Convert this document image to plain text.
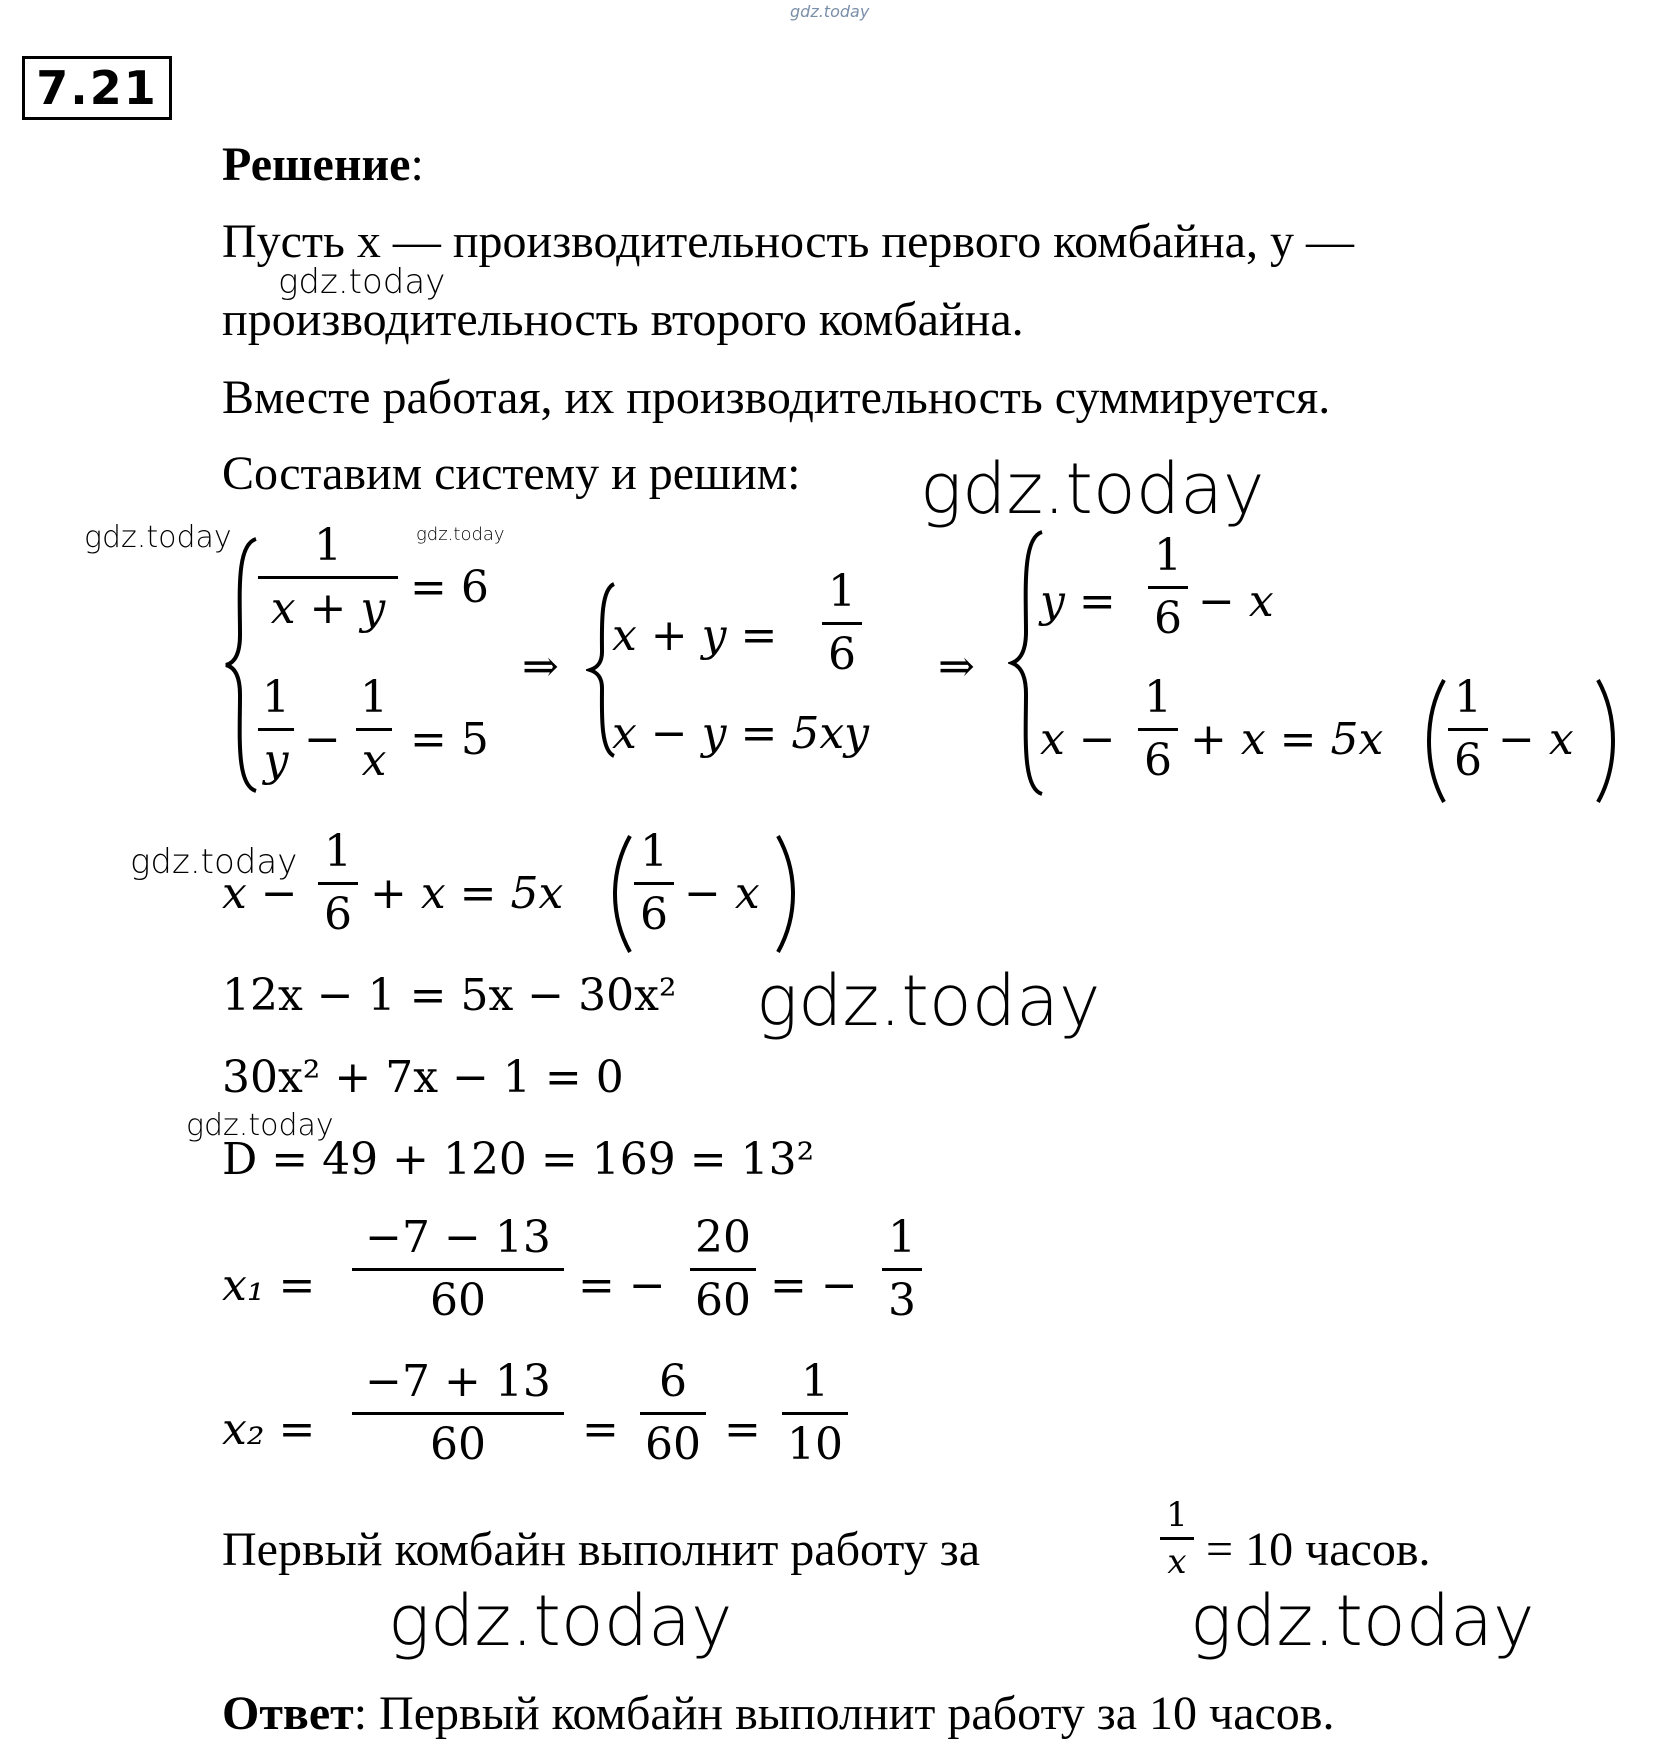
gdz.today
7.21
Решение:
Пусть х — производительность первого комбайна, у —
производительность второго комбайна.
Вместе работая, их производительность суммируется.
Составим систему и решим:
gdz.today
gdz.today
gdz.today	gdz.today
gdz.today
gdz.today
gdz.today
gdz.today	gdz.today
1
x + y = 6
1
y −
1
x = 5
⇒
x + y =
1
6
x − y = 5xy
⇒
y =
1
6 − x
x −
1
6 + x = 5x
1
6 − x
x −
1
6 + x = 5x
1
6 − x
12x − 1 = 5x − 30x²
30x² + 7x − 1 = 0
D = 49 + 120 = 169 = 13²
x₁ =
−7 − 13
60	= −
20
60 = −
1
3
x₂ =
−7 + 13
60	=
6
60 =
1
10
Первый комбайн выполнит работу за
1
x = 10 часов.
Ответ: Первый комбайн выполнит работу за 10 часов.
